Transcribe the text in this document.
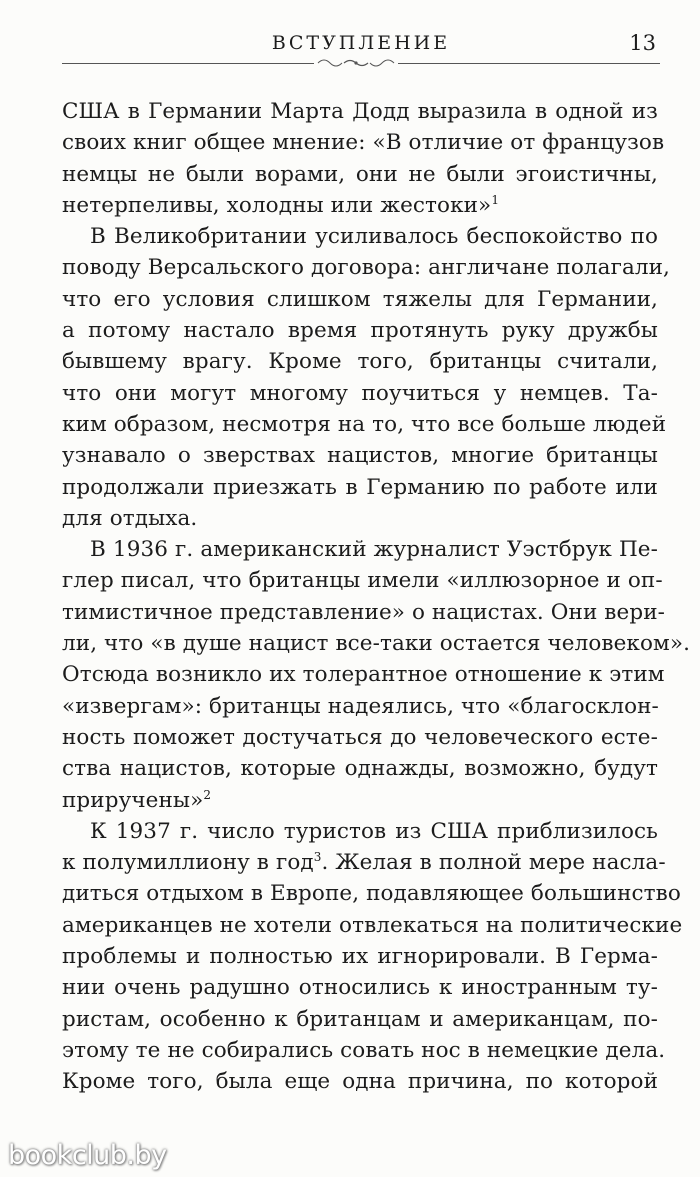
ВСТУПЛЕНИЕ	13
США в Германии Марта Додд выразила в одной из
своих книг общее мнение: «В отличие от французов
немцы не были ворами, они не были эгоистичны,
нетерпеливы, холодны или жестоки»$^1$
В Великобритании усиливалось беспокойство по
поводу Версальского договора: англичане полагали,
что его условия слишком тяжелы для Германии,
а потому настало время протянуть руку дружбы
бывшему врагу. Кроме того, британцы считали,
что они могут многому поучиться у немцев. Та-
ким образом, несмотря на то, что все больше людей
узнавало о зверствах нацистов, многие британцы
продолжали приезжать в Германию по работе или
для отдыха.
В 1936 г. американский журналист Уэстбрук Пе-
глер писал, что британцы имели «иллюзорное и оп-
тимистичное представление» о нацистах. Они вери-
ли, что «в душе нацист все-таки остается человеком».
Отсюда возникло их толерантное отношение к этим
«извергам»: британцы надеялись, что «благосклон-
ность поможет достучаться до человеческого есте-
ства нацистов, которые однажды, возможно, будут
приручены»$^2$
К 1937 г. число туристов из США приблизилось
к полумиллиону в год$^3$. Желая в полной мере наслa-
диться отдыхом в Европе, подавляющее большинство
американцев не хотели отвлекаться на политические
проблемы и полностью их игнорировали. В Герма-
нии очень радушно относились к иностранным ту-
ристам, особенно к британцам и американцам, по-
этому те не собирались совать нос в немецкие дела.
Кроме того, была еще одна причина, по которой
bookclub.by
